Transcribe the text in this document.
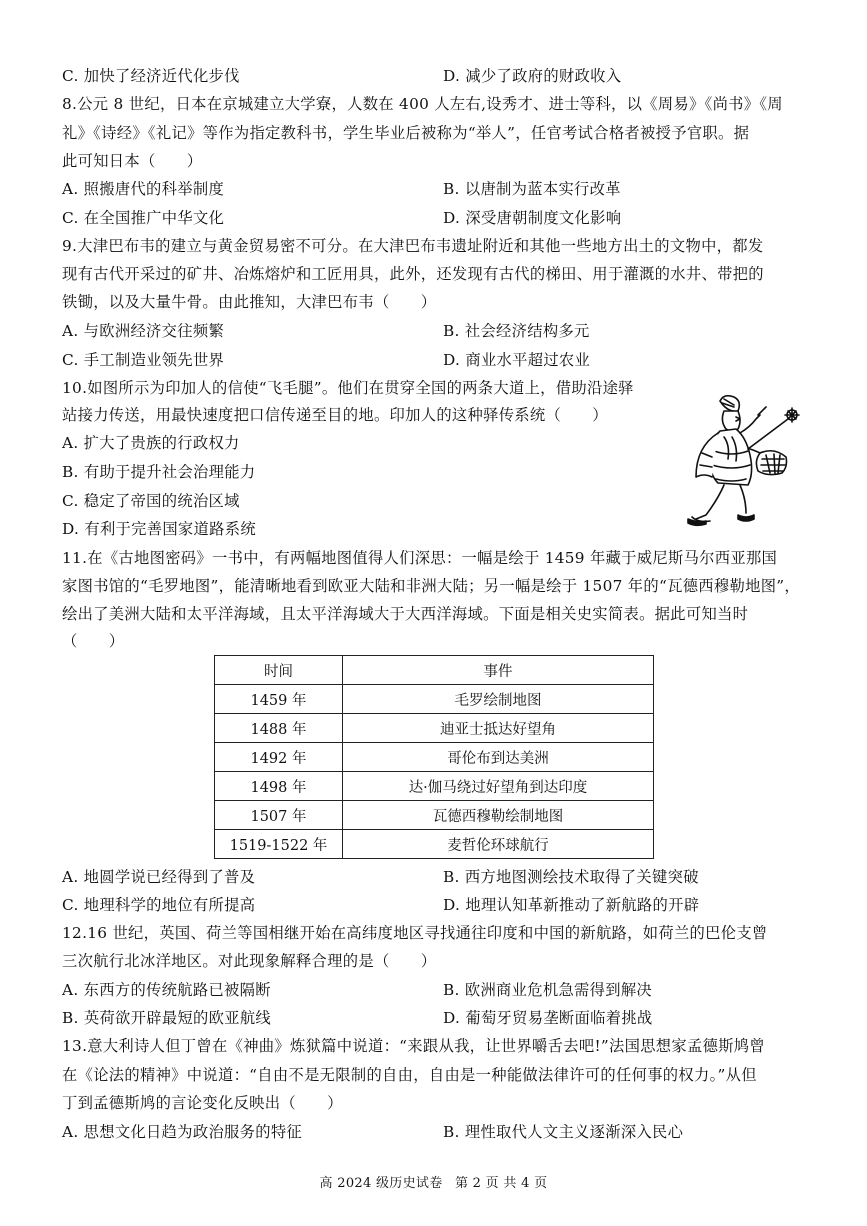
C. 加快了经济近代化步伐	D. 减少了政府的财政收入
8.公元 8 世纪，日本在京城建立大学寮，人数在 400 人左右,设秀才、进士等科，以《周易》《尚书》《周
礼》《诗经》《礼记》等作为指定教科书，学生毕业后被称为“举人”，任官考试合格者被授予官职。据
此可知日本（　　）
A. 照搬唐代的科举制度	B. 以唐制为蓝本实行改革
C. 在全国推广中华文化	D. 深受唐朝制度文化影响
9.大津巴布韦的建立与黄金贸易密不可分。在大津巴布韦遗址附近和其他一些地方出土的文物中，都发
现有古代开采过的矿井、冶炼熔炉和工匠用具，此外，还发现有古代的梯田、用于灌溉的水井、带把的
铁锄，以及大量牛骨。由此推知，大津巴布韦（　　）
A. 与欧洲经济交往频繁	B. 社会经济结构多元
C. 手工制造业领先世界	D. 商业水平超过农业
10.如图所示为印加人的信使“飞毛腿”。他们在贯穿全国的两条大道上，借助沿途驿
站接力传送，用最快速度把口信传递至目的地。印加人的这种驿传系统（　　）
A. 扩大了贵族的行政权力
B. 有助于提升社会治理能力
C. 稳定了帝国的统治区域
D. 有利于完善国家道路系统
11.在《古地图密码》一书中，有两幅地图值得人们深思：一幅是绘于 1459 年藏于威尼斯马尔西亚那国
家图书馆的“毛罗地图”，能清晰地看到欧亚大陆和非洲大陆；另一幅是绘于 1507 年的“瓦德西穆勒地图”，
绘出了美洲大陆和太平洋海域，且太平洋海域大于大西洋海域。下面是相关史实简表。据此可知当时
（　　）
时间	事件
1459 年	毛罗绘制地图
1488 年	迪亚士抵达好望角
1492 年	哥伦布到达美洲
1498 年	达·伽马绕过好望角到达印度
1507 年	瓦德西穆勒绘制地图
1519-1522 年	麦哲伦环球航行
A. 地圆学说已经得到了普及	B. 西方地图测绘技术取得了关键突破
C. 地理科学的地位有所提高	D. 地理认知革新推动了新航路的开辟
12.16 世纪，英国、荷兰等国相继开始在高纬度地区寻找通往印度和中国的新航路，如荷兰的巴伦支曾
三次航行北冰洋地区。对此现象解释合理的是（　　）
A. 东西方的传统航路已被隔断	B. 欧洲商业危机急需得到解决
B. 英荷欲开辟最短的欧亚航线	D. 葡萄牙贸易垄断面临着挑战
13.意大利诗人但丁曾在《神曲》炼狱篇中说道：“来跟从我，让世界嚼舌去吧!”法国思想家孟德斯鸠曾
在《论法的精神》中说道：“自由不是无限制的自由，自由是一种能做法律许可的任何事的权力。”从但
丁到孟德斯鸠的言论变化反映出（　　）
A. 思想文化日趋为政治服务的特征	B. 理性取代人文主义逐渐深入民心
高 2024 级历史试卷 第 2 页 共 4 页
